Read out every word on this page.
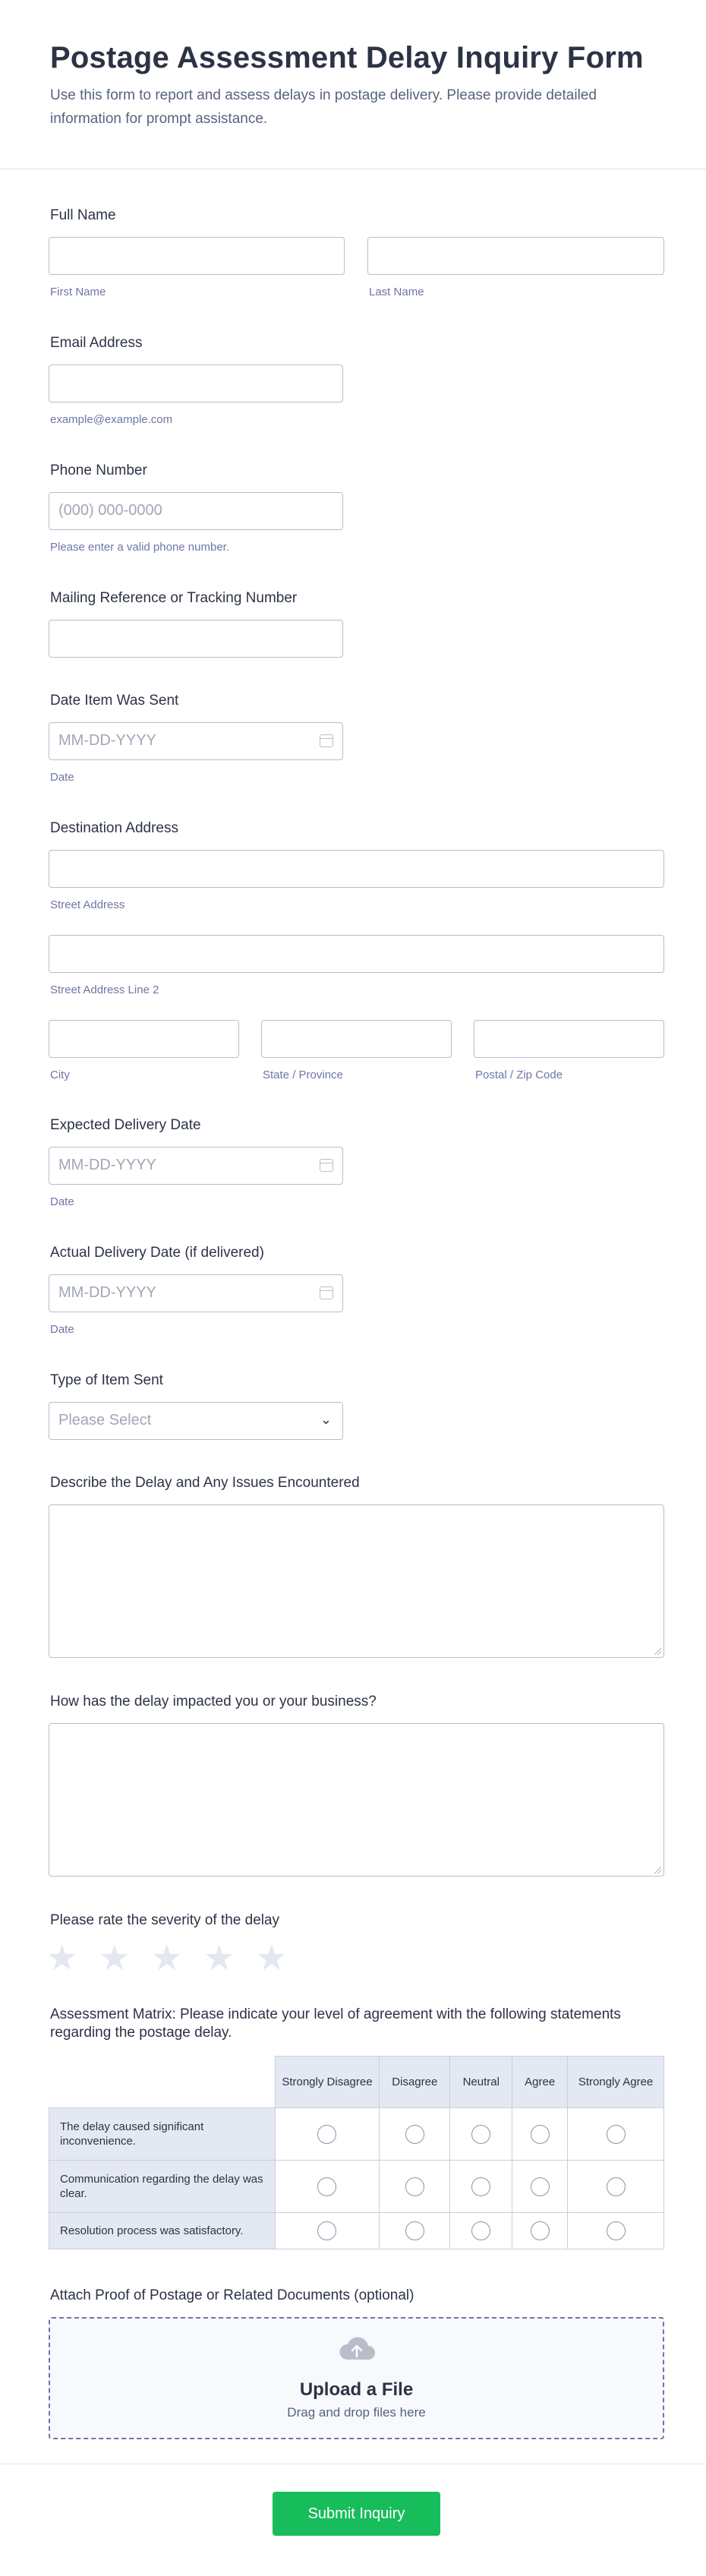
Postage Assessment Delay Inquiry Form

Use this form to report and assess delays in postage delivery. Please provide detailed information for prompt assistance.

Full Name
First Name	Last Name
Email Address
example@example.com
Phone Number
(000) 000-0000
Please enter a valid phone number.
Mailing Reference or Tracking Number
Date Item Was Sent
MM-DD-YYYY
Date
Destination Address
Street Address
Street Address Line 2
City	State / Province	Postal / Zip Code
Expected Delivery Date
MM-DD-YYYY
Date
Actual Delivery Date (if delivered)
MM-DD-YYYY
Date
Type of Item Sent
Please Select	⌄
Describe the Delay and Any Issues Encountered
How has the delay impacted you or your business?
Please rate the severity of the delay
★ ★ ★ ★ ★
Assessment Matrix: Please indicate your level of agreement with the following statements regarding the postage delay.
	Strongly Disagree	Disagree	Neutral	Agree	Strongly Agree
The delay caused significant inconvenience.					
Communication regarding the delay was clear.					
Resolution process was satisfactory.					
Attach Proof of Postage or Related Documents (optional)
Upload a File
Drag and drop files here
Submit Inquiry
